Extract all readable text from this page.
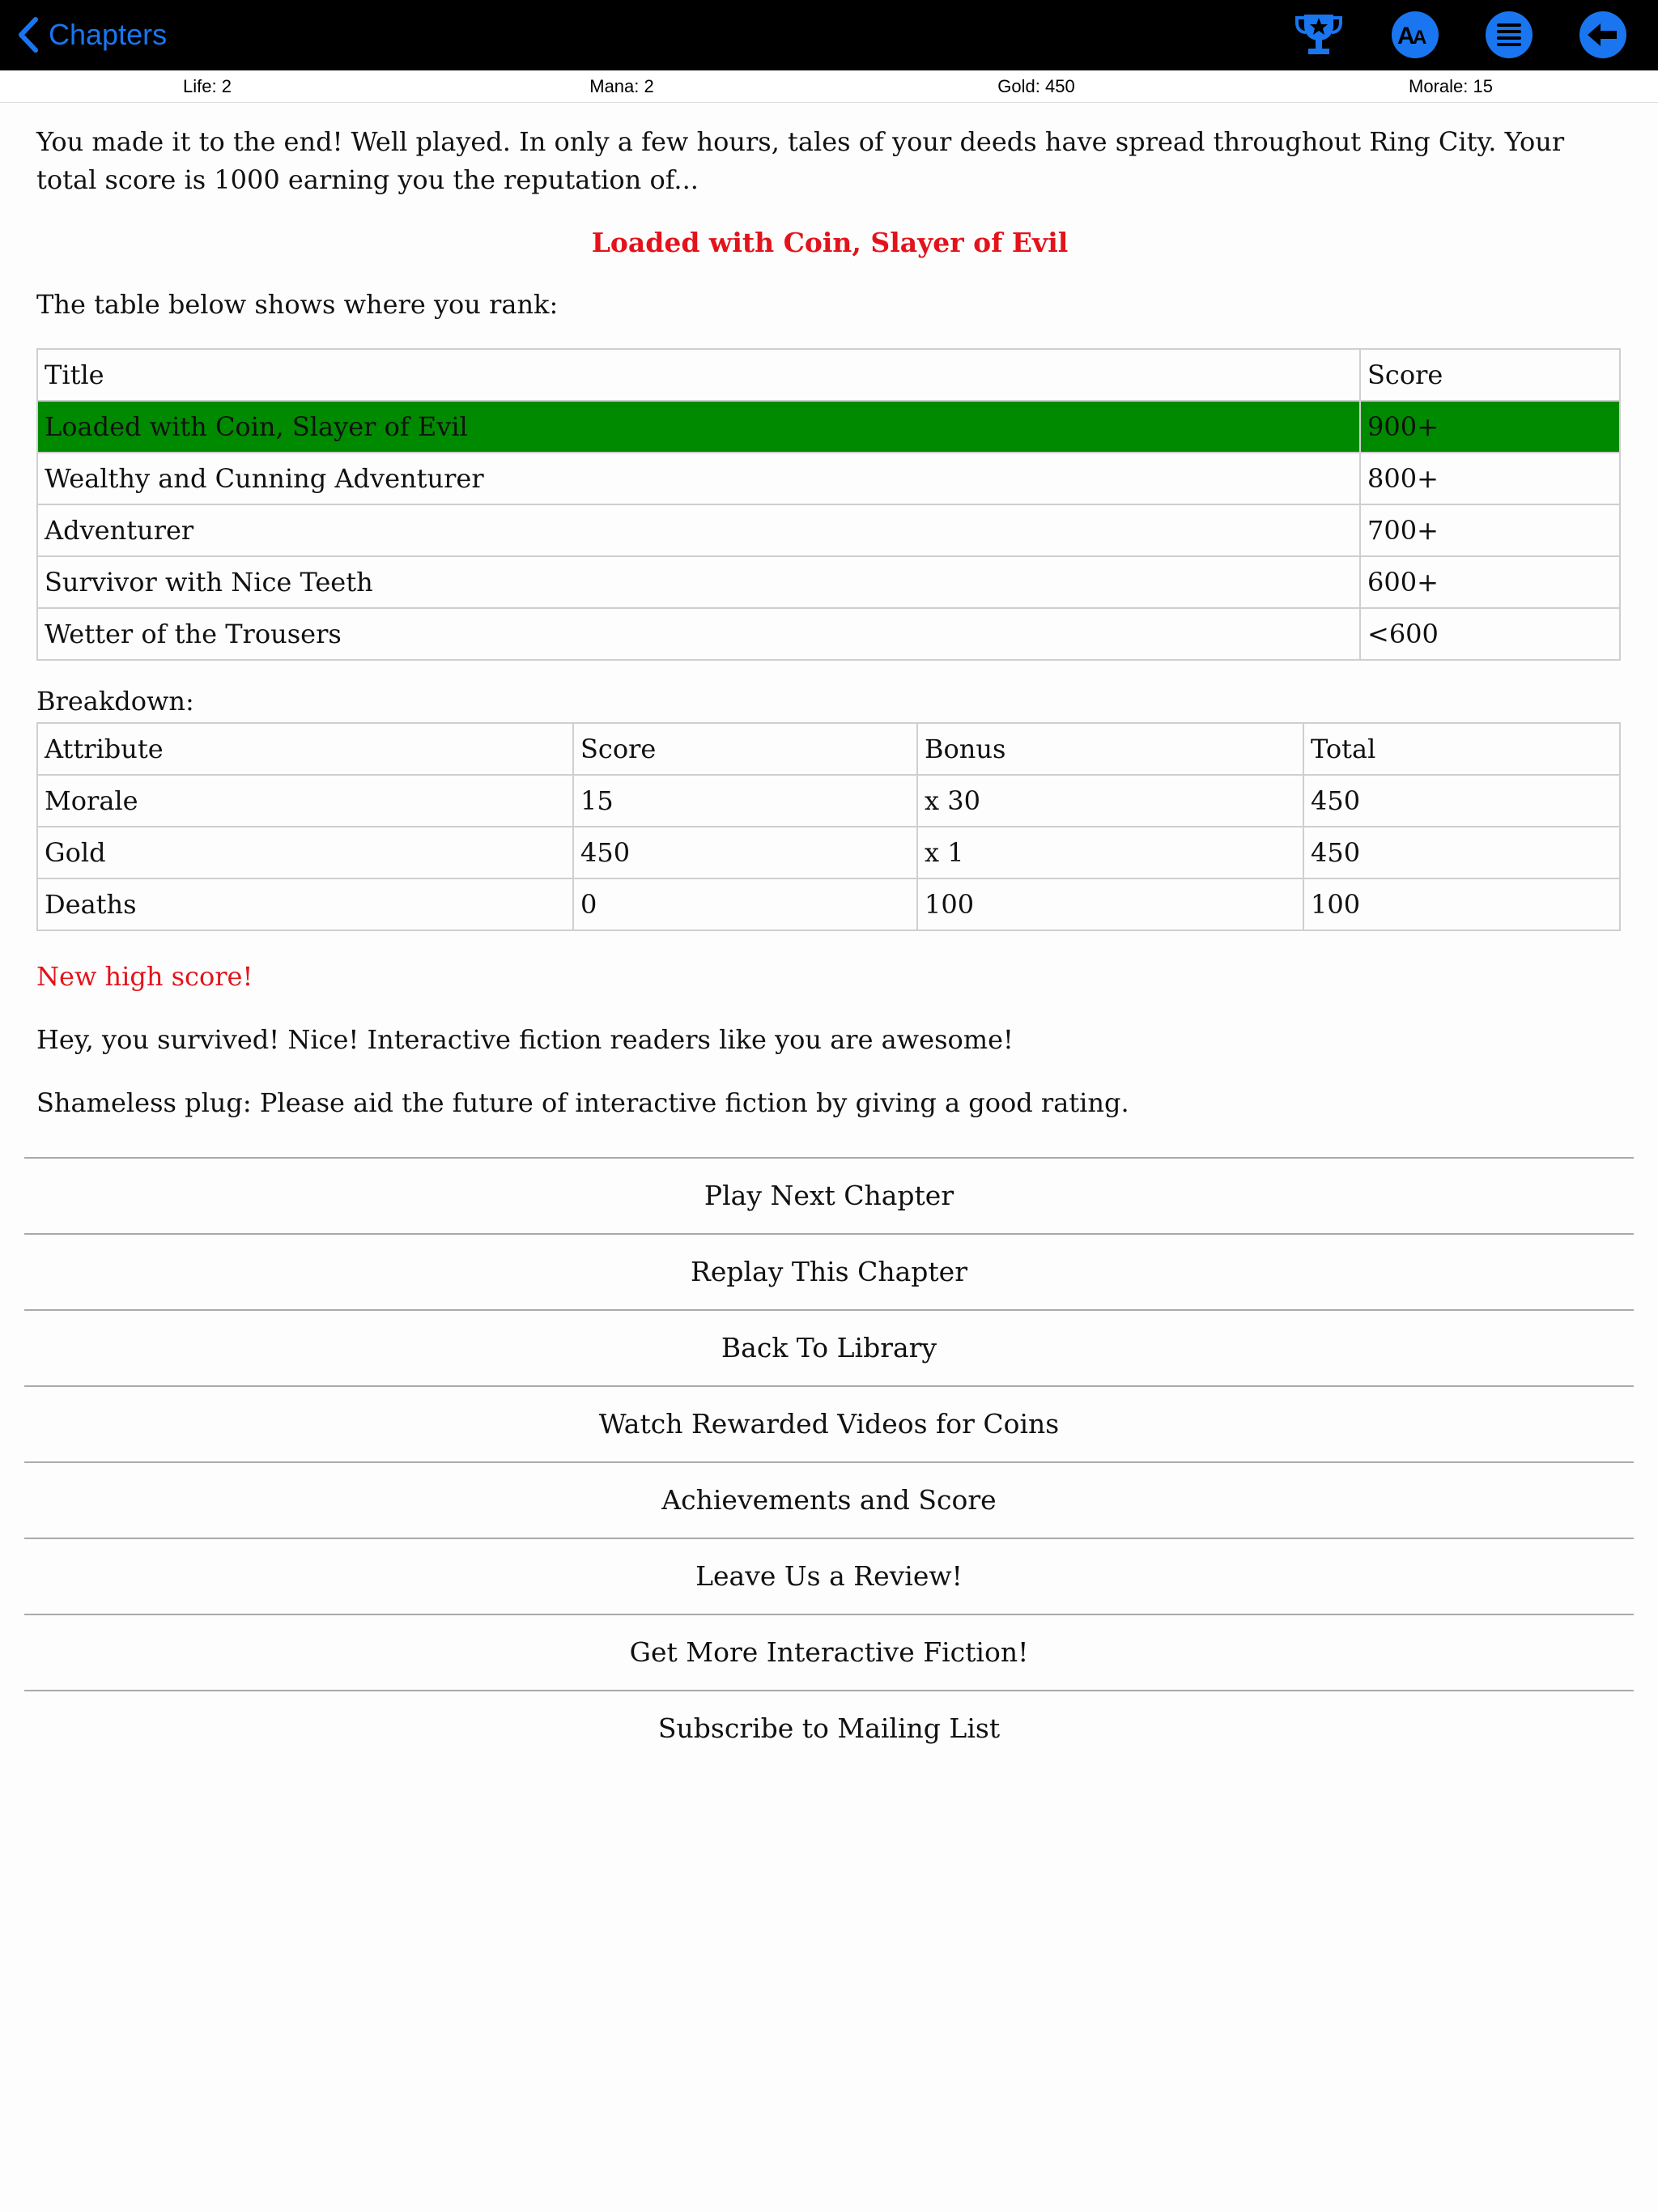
Chapters	A
A
Life: 2	Mana: 2	Gold: 450	Morale: 15

You made it to the end! Well played. In only a few hours, tales of your deeds have spread throughout Ring City. Your total score is 1000 earning you the reputation of...

Loaded with Coin, Slayer of Evil

The table below shows where you rank:

Title	Score
Loaded with Coin, Slayer of Evil	900+
Wealthy and Cunning Adventurer	800+
Adventurer	700+
Survivor with Nice Teeth	600+
Wetter of the Trousers	<600

Breakdown:

Attribute	Score	Bonus	Total
Morale	15	x 30	450
Gold	450	x 1	450
Deaths	0	100	100

New high score!

Hey, you survived! Nice! Interactive fiction readers like you are awesome!

Shameless plug: Please aid the future of interactive fiction by giving a good rating.

Play Next Chapter
Replay This Chapter
Back To Library
Watch Rewarded Videos for Coins
Achievements and Score
Leave Us a Review!
Get More Interactive Fiction!
Subscribe to Mailing List
